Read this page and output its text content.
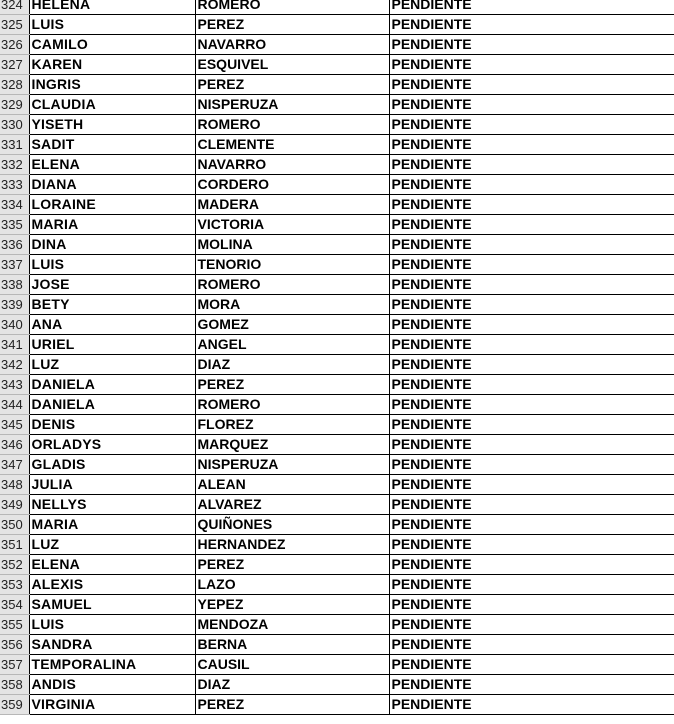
324	HELENA	ROMERO	PENDIENTE
325	LUIS	PEREZ	PENDIENTE
326	CAMILO	NAVARRO	PENDIENTE
327	KAREN	ESQUIVEL	PENDIENTE
328	INGRIS	PEREZ	PENDIENTE
329	CLAUDIA	NISPERUZA	PENDIENTE
330	YISETH	ROMERO	PENDIENTE
331	SADIT	CLEMENTE	PENDIENTE
332	ELENA	NAVARRO	PENDIENTE
333	DIANA	CORDERO	PENDIENTE
334	LORAINE	MADERA	PENDIENTE
335	MARIA	VICTORIA	PENDIENTE
336	DINA	MOLINA	PENDIENTE
337	LUIS	TENORIO	PENDIENTE
338	JOSE	ROMERO	PENDIENTE
339	BETY	MORA	PENDIENTE
340	ANA	GOMEZ	PENDIENTE
341	URIEL	ANGEL	PENDIENTE
342	LUZ	DIAZ	PENDIENTE
343	DANIELA	PEREZ	PENDIENTE
344	DANIELA	ROMERO	PENDIENTE
345	DENIS	FLOREZ	PENDIENTE
346	ORLADYS	MARQUEZ	PENDIENTE
347	GLADIS	NISPERUZA	PENDIENTE
348	JULIA	ALEAN	PENDIENTE
349	NELLYS	ALVAREZ	PENDIENTE
350	MARIA	QUIÑONES	PENDIENTE
351	LUZ	HERNANDEZ	PENDIENTE
352	ELENA	PEREZ	PENDIENTE
353	ALEXIS	LAZO	PENDIENTE
354	SAMUEL	YEPEZ	PENDIENTE
355	LUIS	MENDOZA	PENDIENTE
356	SANDRA	BERNA	PENDIENTE
357	TEMPORALINA	CAUSIL	PENDIENTE
358	ANDIS	DIAZ	PENDIENTE
359	VIRGINIA	PEREZ	PENDIENTE
